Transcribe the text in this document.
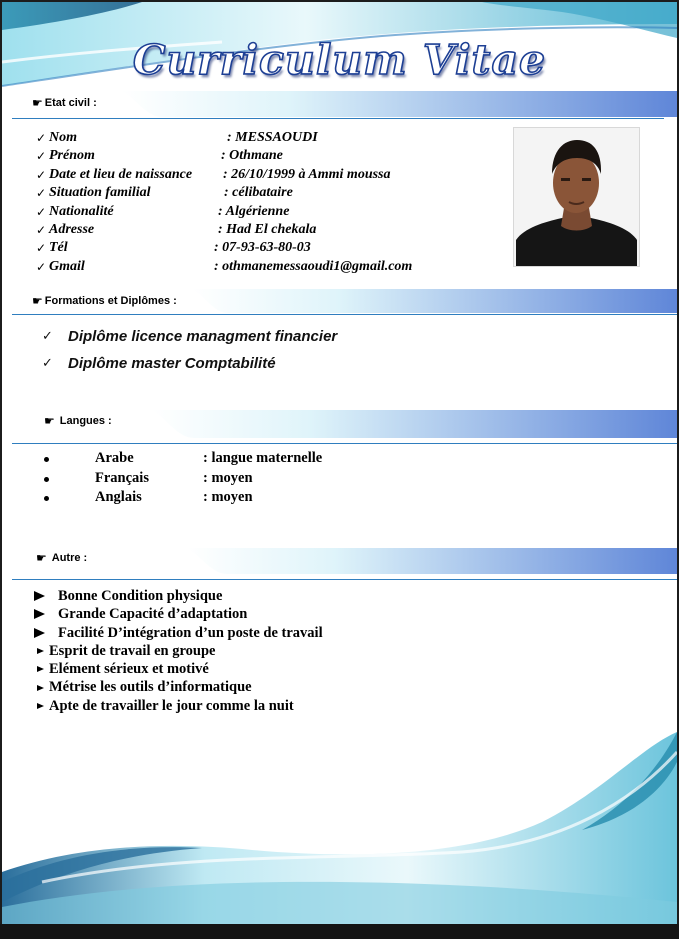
Curriculum Vitae
☛ Etat civil :
☛ Formations et Diplômes :
☛ Langues :
☛ Autre :
✓ Nom	: MESSAOUDI
✓ Prénom	: Othmane
✓ Date et lieu de naissance	: 26/10/1999 à Ammi moussa
✓ Situation familial	: célibataire
✓ Nationalité	: Algérienne
✓ Adresse	: Had El chekala
✓ Tél	: 07-93-63-80-03
✓ Gmail	: othmanemessaoudi1@gmail.com
✓	Diplôme licence managment financier
✓	Diplôme master Comptabilité
Arabe	: langue maternelle
Français	: moyen
Anglais	: moyen
Bonne Condition physique
Grande Capacité d’adaptation
Facilité D’intégration d’un poste de travail
Esprit de travail en groupe
Elément sérieux et motivé
Métrise les outils d’informatique
Apte de travailler le jour comme la nuit
